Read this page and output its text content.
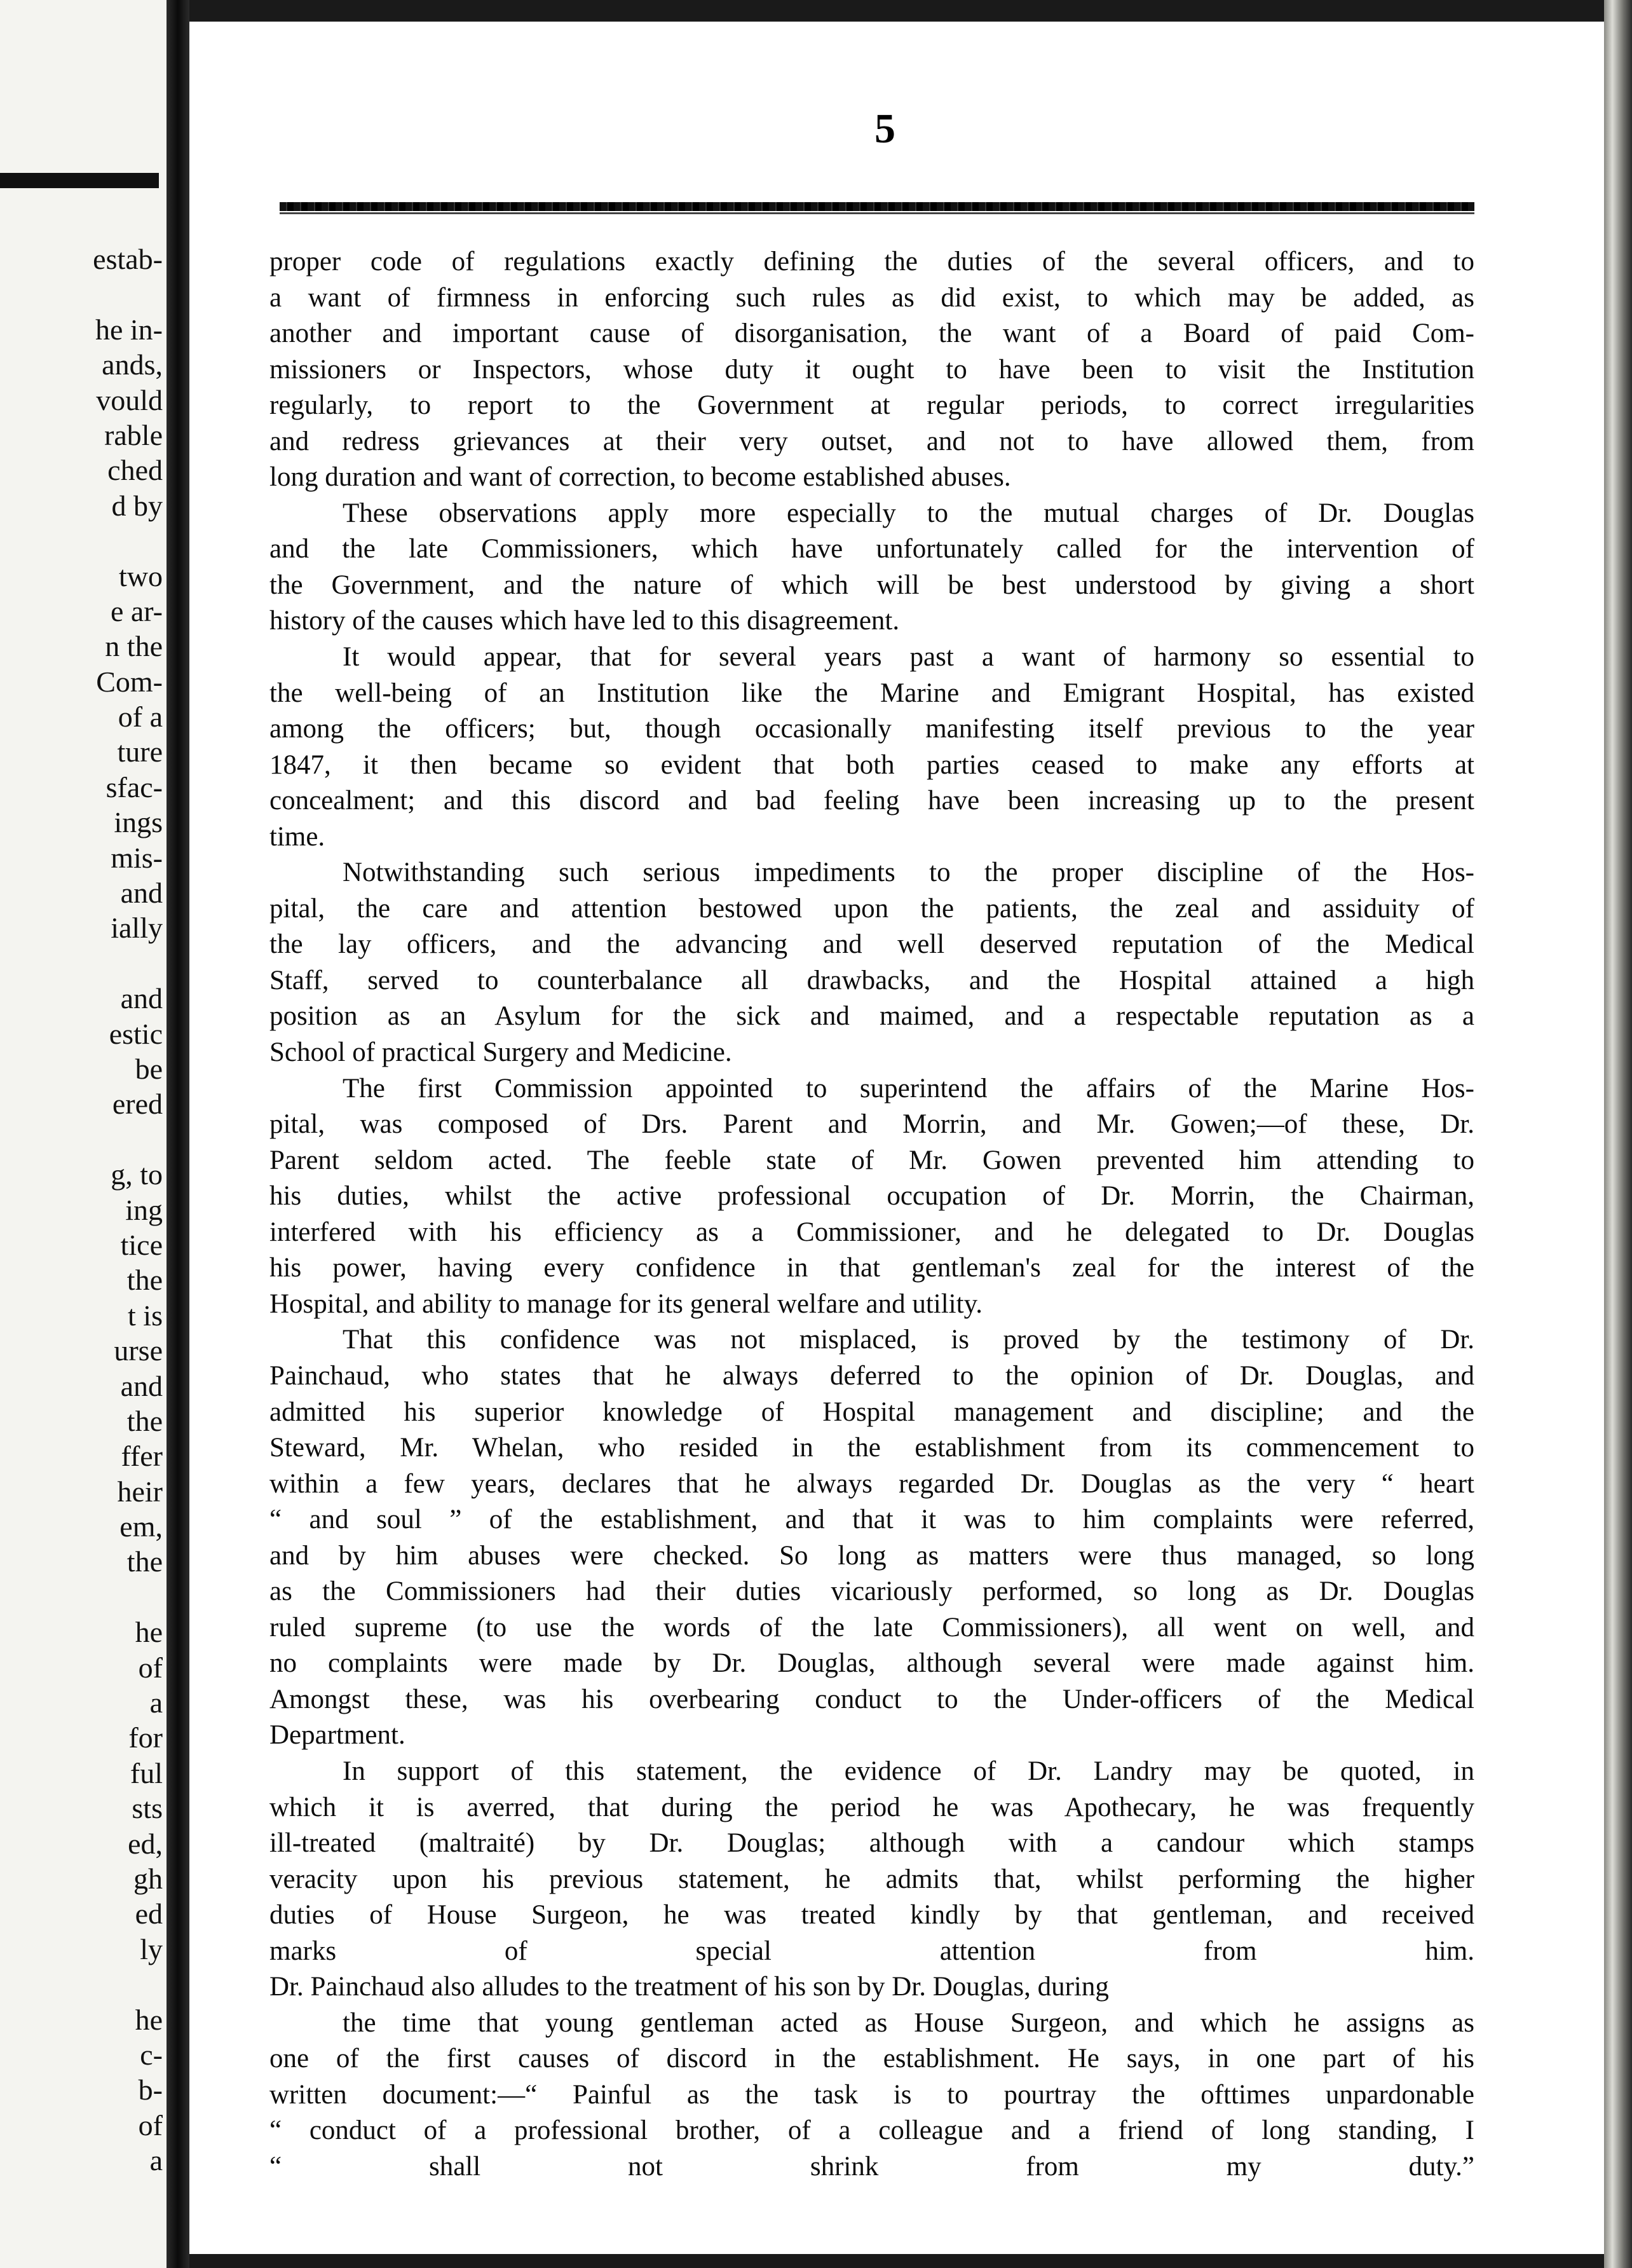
estab-
he in-
ands,
vould
rable
ched
d by
two
e ar-
n the
Com-
of a
ture
sfac-
ings
mis-
and
ially
and
estic
be
ered
g, to
ing
tice
the
t is
urse
and
the
ffer
heir
em,
the
he
of
a
for
ful
sts
ed,
gh
ed
ly
he
c-
b-
of
a
5
proper code of regulations exactly defining the duties of the several officers, and to
a want of firmness in enforcing such rules as did exist, to which may be added, as
another and important cause of disorganisation, the want of a Board of paid Com-
missioners or Inspectors, whose duty it ought to have been to visit the Institution
regularly, to report to the Government at regular periods, to correct irregularities
and redress grievances at their very outset, and not to have allowed them, from
long duration and want of correction, to become established abuses.
These observations apply more especially to the mutual charges of Dr. Douglas
and the late Commissioners, which have unfortunately called for the intervention of
the Government, and the nature of which will be best understood by giving a short
history of the causes which have led to this disagreement.
It would appear, that for several years past a want of harmony so essential to
the well-being of an Institution like the Marine and Emigrant Hospital, has existed
among the officers; but, though occasionally manifesting itself previous to the year
1847, it then became so evident that both parties ceased to make any efforts at
concealment; and this discord and bad feeling have been increasing up to the present
time.
Notwithstanding such serious impediments to the proper discipline of the Hos-
pital, the care and attention bestowed upon the patients, the zeal and assiduity of
the lay officers, and the advancing and well deserved reputation of the Medical
Staff, served to counterbalance all drawbacks, and the Hospital attained a high
position as an Asylum for the sick and maimed, and a respectable reputation as a
School of practical Surgery and Medicine.
The first Commission appointed to superintend the affairs of the Marine Hos-
pital, was composed of Drs. Parent and Morrin, and Mr. Gowen;—of these, Dr.
Parent seldom acted. The feeble state of Mr. Gowen prevented him attending to
his duties, whilst the active professional occupation of Dr. Morrin, the Chairman,
interfered with his efficiency as a Commissioner, and he delegated to Dr. Douglas
his power, having every confidence in that gentleman's zeal for the interest of the
Hospital, and ability to manage for its general welfare and utility.
That this confidence was not misplaced, is proved by the testimony of Dr.
Painchaud, who states that he always deferred to the opinion of Dr. Douglas, and
admitted his superior knowledge of Hospital management and discipline; and the
Steward, Mr. Whelan, who resided in the establishment from its commencement to
within a few years, declares that he always regarded Dr. Douglas as the very “ heart
“ and soul ” of the establishment, and that it was to him complaints were referred,
and by him abuses were checked. So long as matters were thus managed, so long
as the Commissioners had their duties vicariously performed, so long as Dr. Douglas
ruled supreme (to use the words of the late Commissioners), all went on well, and
no complaints were made by Dr. Douglas, although several were made against him.
Amongst these, was his overbearing conduct to the Under-officers of the Medical
Department.
In support of this statement, the evidence of Dr. Landry may be quoted, in
which it is averred, that during the period he was Apothecary, he was frequently
ill-treated (maltraité) by Dr. Douglas; although with a candour which stamps
veracity upon his previous statement, he admits that, whilst performing the higher
duties of House Surgeon, he was treated kindly by that gentleman, and received
marks of special attention from him.
Dr. Painchaud also alludes to the treatment of his son by Dr. Douglas, during
the time that young gentleman acted as House Surgeon, and which he assigns as
one of the first causes of discord in the establishment. He says, in one part of his
written document:—“ Painful as the task is to pourtray the ofttimes unpardonable
“ conduct of a professional brother, of a colleague and a friend of long standing, I
“ shall not shrink from my duty.”
